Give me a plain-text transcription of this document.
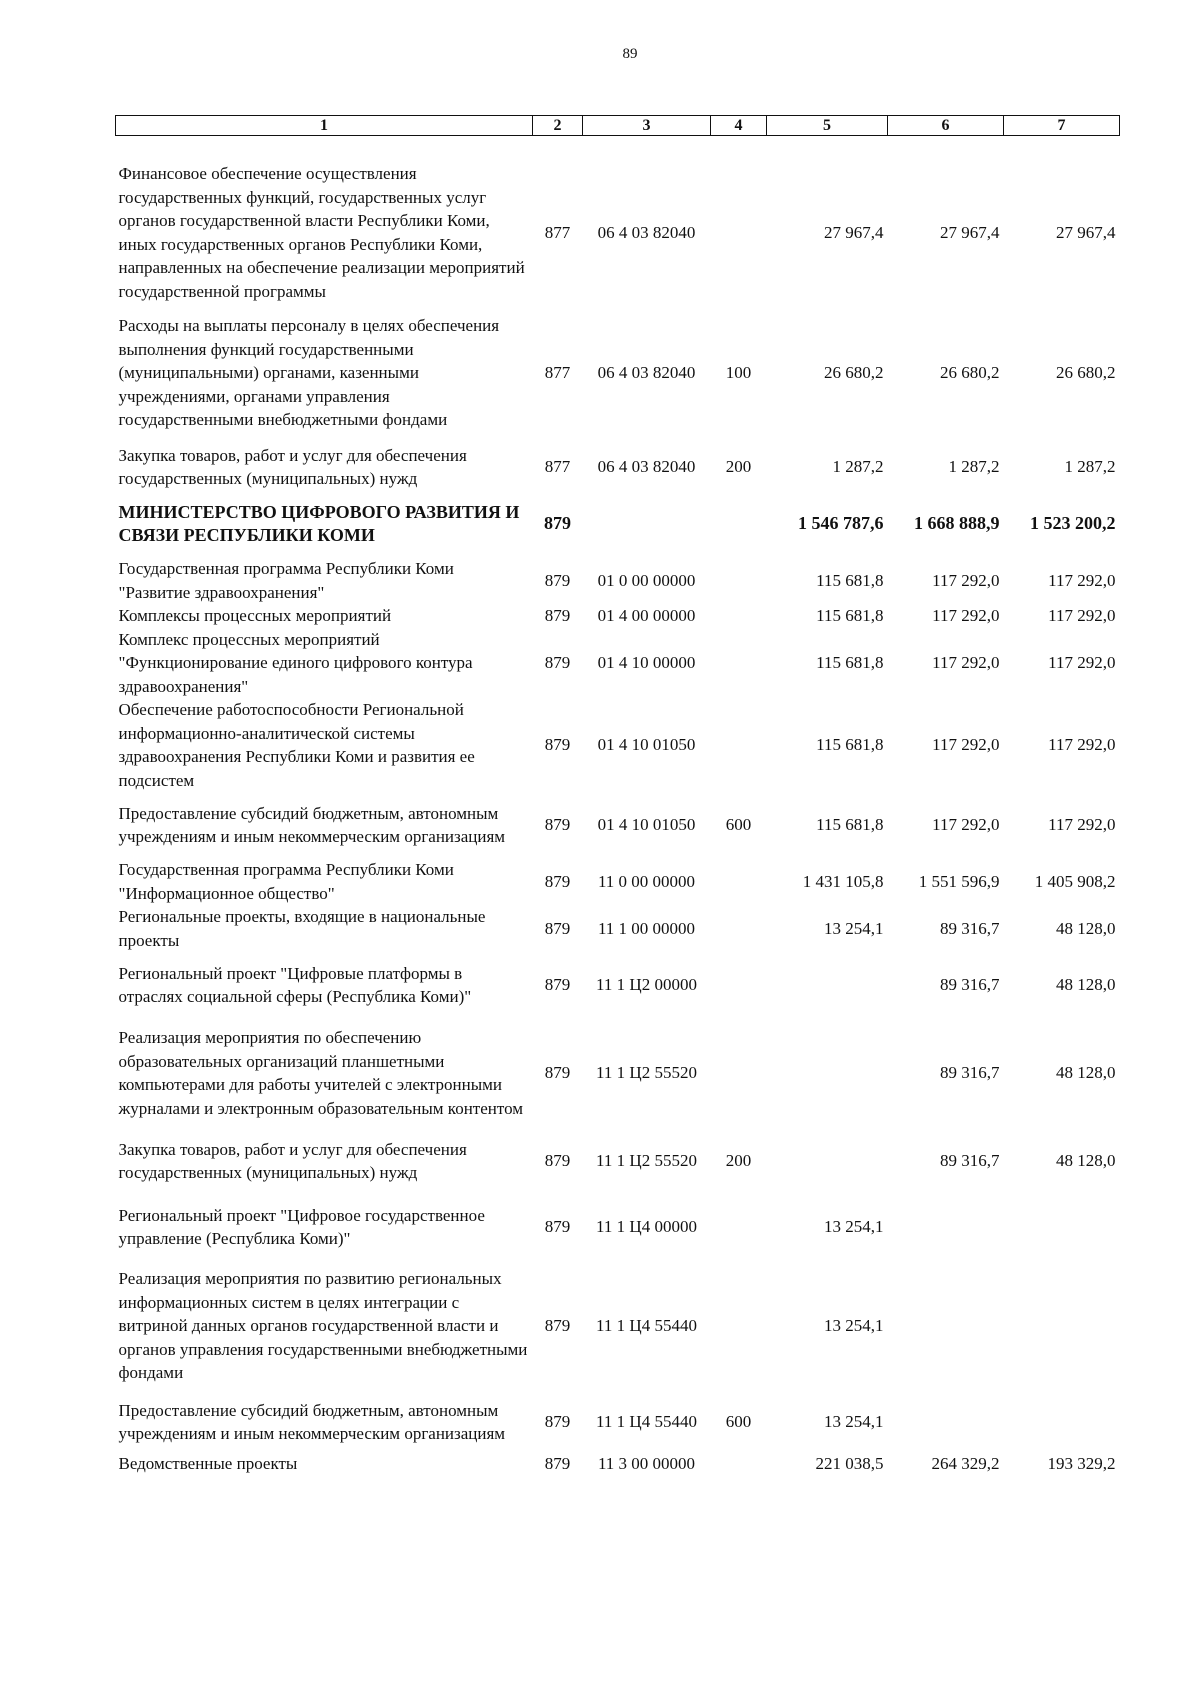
89
1	2	3	4	5	6	7
Финансовое обеспечение осуществления государственных функций, государственных услуг органов государственной власти Республики Коми, иных государственных органов Республики Коми, направленных на обеспечение реализации мероприятий государственной программы	877	06 4 03 82040		27 967,4	27 967,4	27 967,4
Расходы на выплаты персоналу в целях обеспечения выполнения функций государственными (муниципальными) органами, казенными учреждениями, органами управления государственными внебюджетными фондами	877	06 4 03 82040	100	26 680,2	26 680,2	26 680,2
Закупка товаров, работ и услуг для обеспечения государственных (муниципальных) нужд	877	06 4 03 82040	200	1 287,2	1 287,2	1 287,2
МИНИСТЕРСТВО ЦИФРОВОГО РАЗВИТИЯ И СВЯЗИ РЕСПУБЛИКИ КОМИ	879			1 546 787,6	1 668 888,9	1 523 200,2
Государственная программа Республики Коми "Развитие здравоохранения"	879	01 0 00 00000		115 681,8	117 292,0	117 292,0
Комплексы процессных мероприятий	879	01 4 00 00000		115 681,8	117 292,0	117 292,0
Комплекс процессных мероприятий "Функционирование единого цифрового контура здравоохранения"	879	01 4 10 00000		115 681,8	117 292,0	117 292,0
Обеспечение работоспособности Региональной информационно-аналитической системы здравоохранения Республики Коми и развития ее подсистем	879	01 4 10 01050		115 681,8	117 292,0	117 292,0
Предоставление субсидий бюджетным, автономным учреждениям и иным некоммерческим организациям	879	01 4 10 01050	600	115 681,8	117 292,0	117 292,0
Государственная программа Республики Коми "Информационное общество"	879	11 0 00 00000		1 431 105,8	1 551 596,9	1 405 908,2
Региональные проекты, входящие в национальные проекты	879	11 1 00 00000		13 254,1	89 316,7	48 128,0
Региональный проект "Цифровые платформы в отраслях социальной сферы (Республика Коми)"	879	11 1 Ц2 00000			89 316,7	48 128,0
Реализация мероприятия по обеспечению образовательных организаций планшетными компьютерами для работы учителей с электронными журналами и электронным образовательным контентом	879	11 1 Ц2 55520			89 316,7	48 128,0
Закупка товаров, работ и услуг для обеспечения государственных (муниципальных) нужд	879	11 1 Ц2 55520	200		89 316,7	48 128,0
Региональный проект "Цифровое государственное управление (Республика Коми)"	879	11 1 Ц4 00000		13 254,1		
Реализация мероприятия по развитию региональных информационных систем в целях интеграции с витриной данных органов государственной власти и органов управления государственными внебюджетными фондами	879	11 1 Ц4 55440		13 254,1		
Предоставление субсидий бюджетным, автономным учреждениям и иным некоммерческим организациям	879	11 1 Ц4 55440	600	13 254,1		
Ведомственные проекты	879	11 3 00 00000		221 038,5	264 329,2	193 329,2
